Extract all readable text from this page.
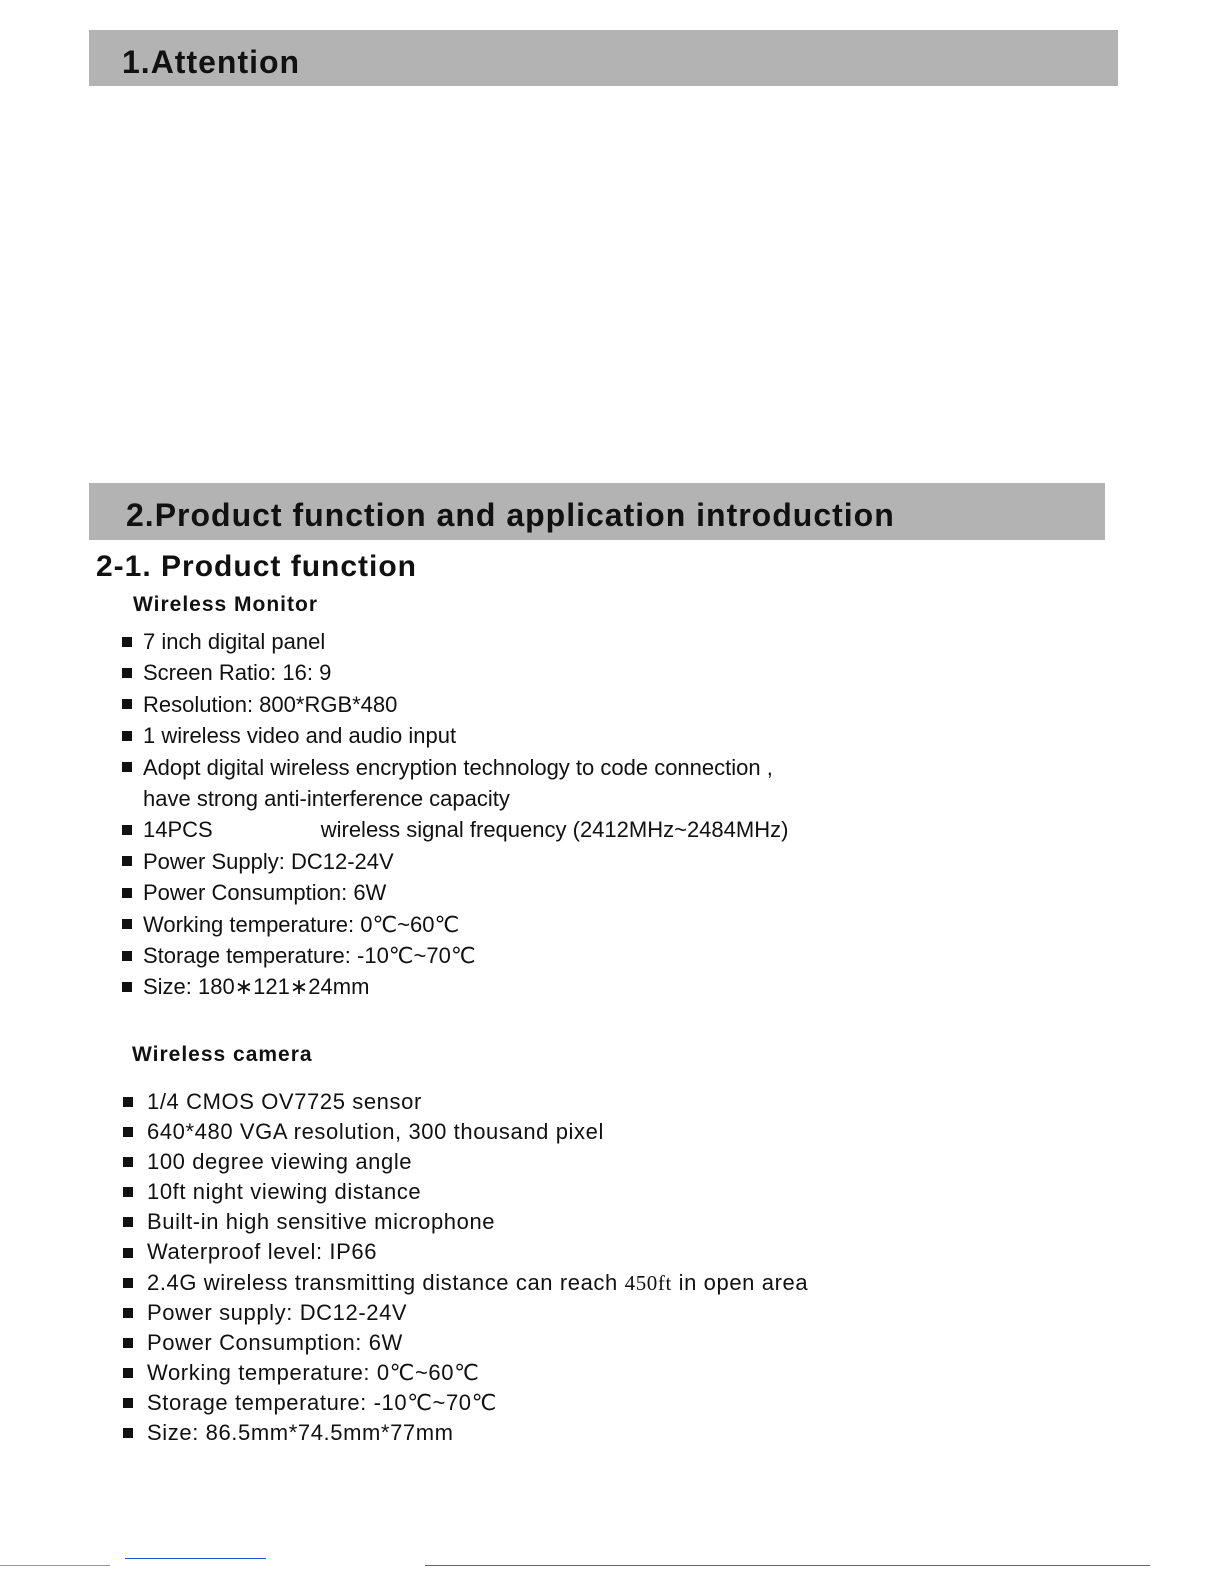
1.Attention
2.Product function and application introduction
2-1. Product function
Wireless Monitor
7 inch digital panel
Screen Ratio: 16: 9
Resolution: 800*RGB*480
1 wireless video and audio input
Adopt digital wireless encryption technology to code connection ,
have strong anti-interference capacity
14PCS	wireless signal frequency (2412MHz~2484MHz)
Power Supply: DC12-24V
Power Consumption: 6W
Working temperature: 0℃~60℃
Storage temperature: -10℃~70℃
Size: 180∗121∗24mm
Wireless camera
1/4 CMOS OV7725 sensor
640*480 VGA resolution, 300 thousand pixel
100 degree viewing angle
10ft night viewing distance
Built-in high sensitive microphone
Waterproof level: IP66
2.4G wireless transmitting distance can reach 450ft in open area
Power supply: DC12-24V
Power Consumption: 6W
Working temperature: 0℃~60℃
Storage temperature: -10℃~70℃
Size: 86.5mm*74.5mm*77mm
